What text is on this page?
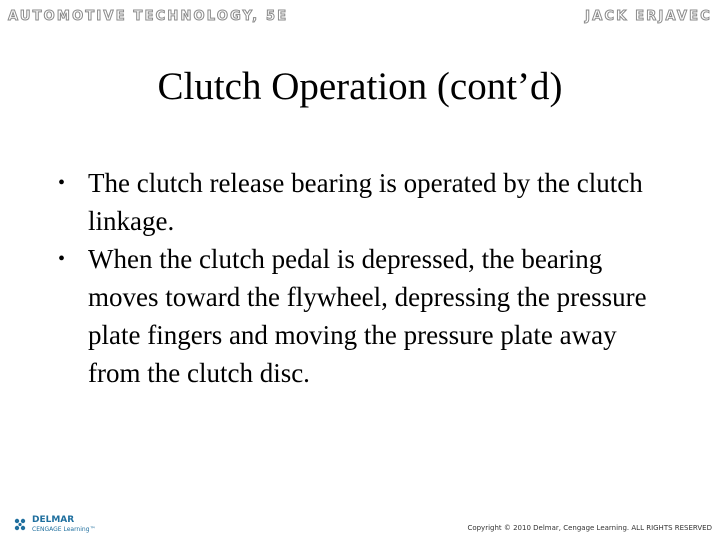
AUTOMOTIVE TECHNOLOGY, 5E	JACK ERJAVEC
Clutch Operation (cont’d)
• The clutch release bearing is operated by the clutch linkage.
• When the clutch pedal is depressed, the bearing moves toward the flywheel, depressing the pressure plate fingers and moving the pressure plate away from the clutch disc.
DELMAR
CENGAGE Learning™	Copyright © 2010 Delmar, Cengage Learning. ALL RIGHTS RESERVED
